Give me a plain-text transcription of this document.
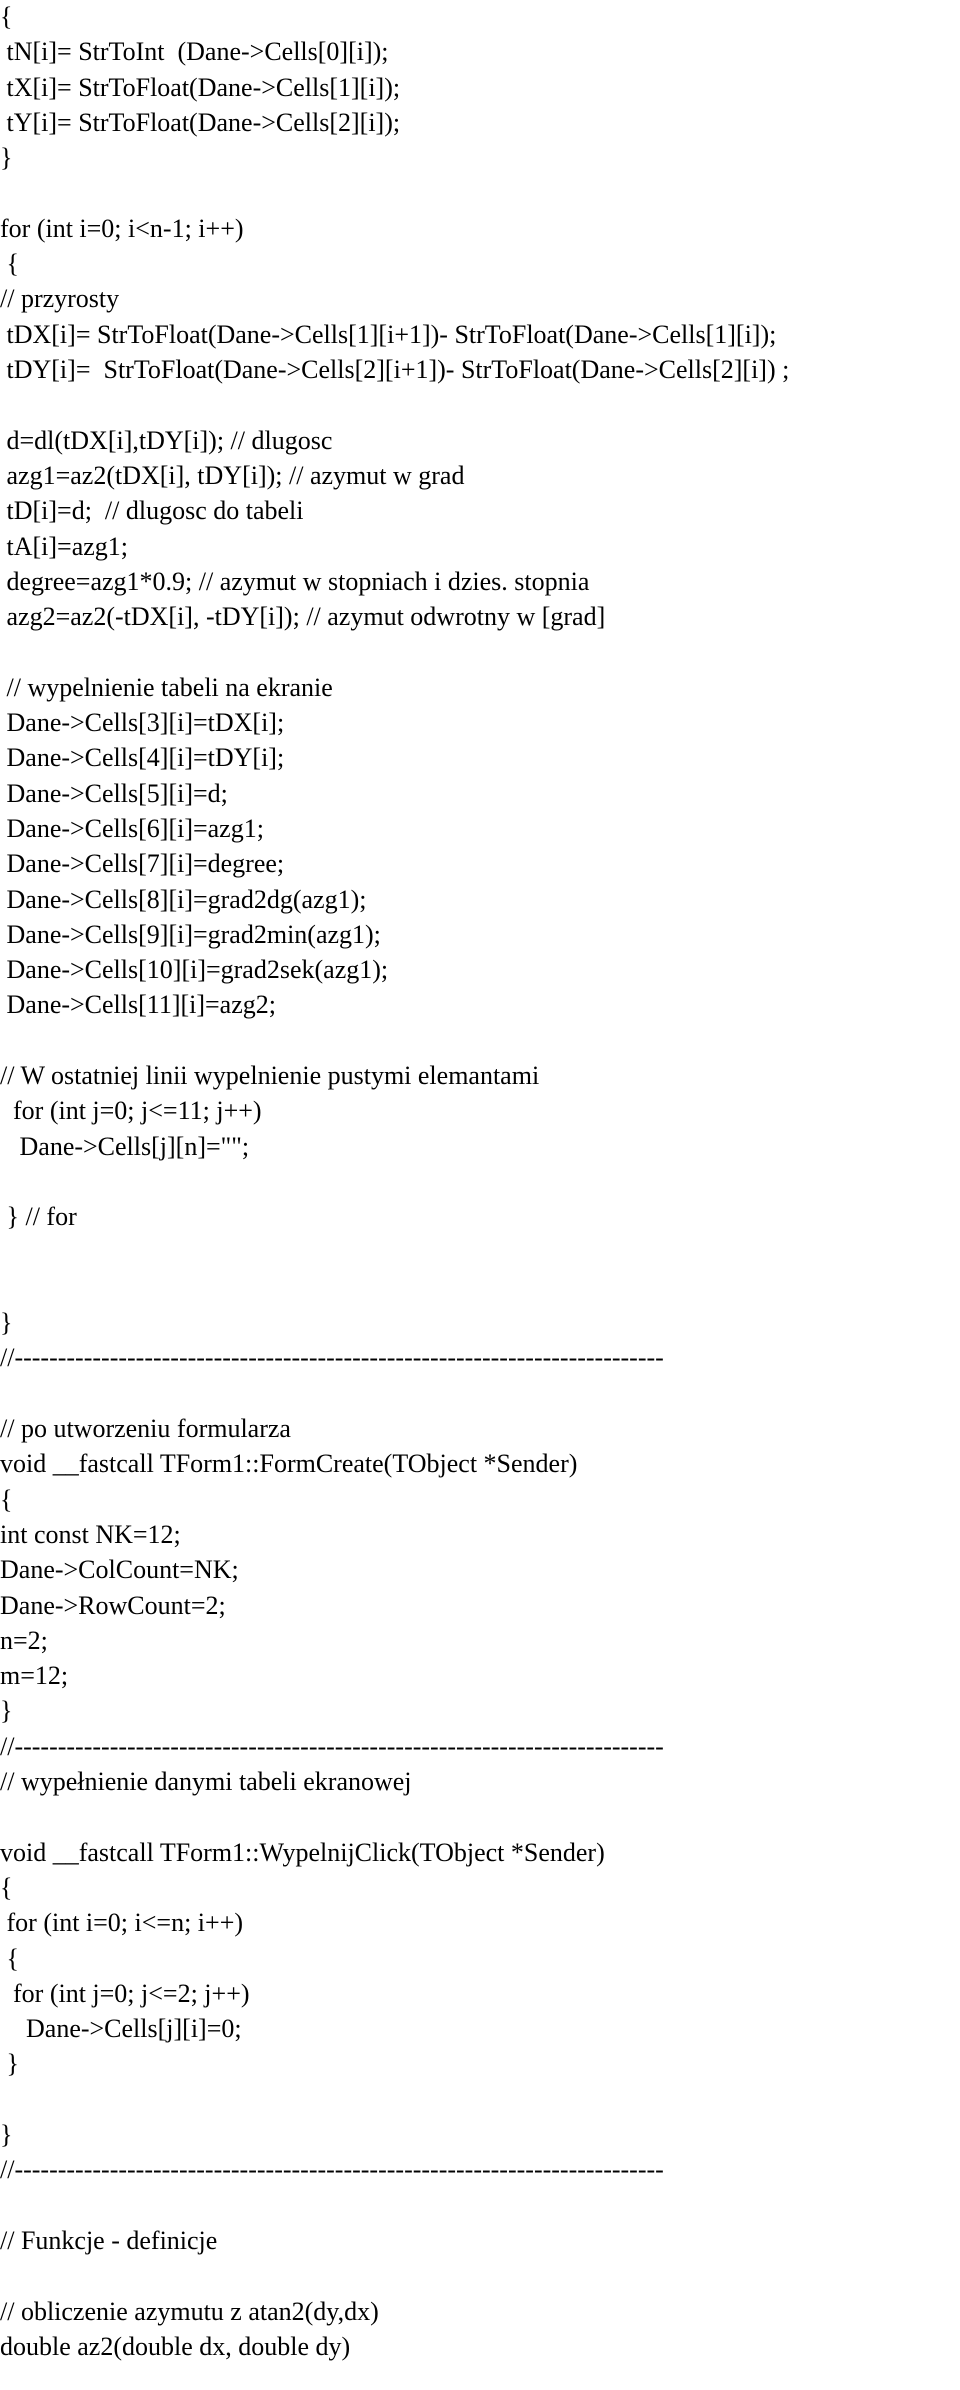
{
tN[i]= StrToInt  (Dane->Cells[0][i]);
tX[i]= StrToFloat(Dane->Cells[1][i]);
tY[i]= StrToFloat(Dane->Cells[2][i]);
}
for (int i=0; i<n-1; i++)
{
// przyrosty
tDX[i]= StrToFloat(Dane->Cells[1][i+1])- StrToFloat(Dane->Cells[1][i]);
tDY[i]=  StrToFloat(Dane->Cells[2][i+1])- StrToFloat(Dane->Cells[2][i]) ;
d=dl(tDX[i],tDY[i]); // dlugosc
azg1=az2(tDX[i], tDY[i]); // azymut w grad
tD[i]=d;  // dlugosc do tabeli
tA[i]=azg1;
degree=azg1*0.9; // azymut w stopniach i dzies. stopnia
azg2=az2(-tDX[i], -tDY[i]); // azymut odwrotny w [grad]
// wypelnienie tabeli na ekranie
Dane->Cells[3][i]=tDX[i];
Dane->Cells[4][i]=tDY[i];
Dane->Cells[5][i]=d;
Dane->Cells[6][i]=azg1;
Dane->Cells[7][i]=degree;
Dane->Cells[8][i]=grad2dg(azg1);
Dane->Cells[9][i]=grad2min(azg1);
Dane->Cells[10][i]=grad2sek(azg1);
Dane->Cells[11][i]=azg2;
// W ostatniej linii wypelnienie pustymi elemantami
for (int j=0; j<=11; j++)
Dane->Cells[j][n]="";
} // for
}
//---------------------------------------------------------------------------
// po utworzeniu formularza
void __fastcall TForm1::FormCreate(TObject *Sender)
{
int const NK=12;
Dane->ColCount=NK;
Dane->RowCount=2;
n=2;
m=12;
}
//---------------------------------------------------------------------------
// wypełnienie danymi tabeli ekranowej
void __fastcall TForm1::WypelnijClick(TObject *Sender)
{
for (int i=0; i<=n; i++)
{
for (int j=0; j<=2; j++)
Dane->Cells[j][i]=0;
}
}
//---------------------------------------------------------------------------
// Funkcje - definicje
// obliczenie azymutu z atan2(dy,dx)
double az2(double dx, double dy)
